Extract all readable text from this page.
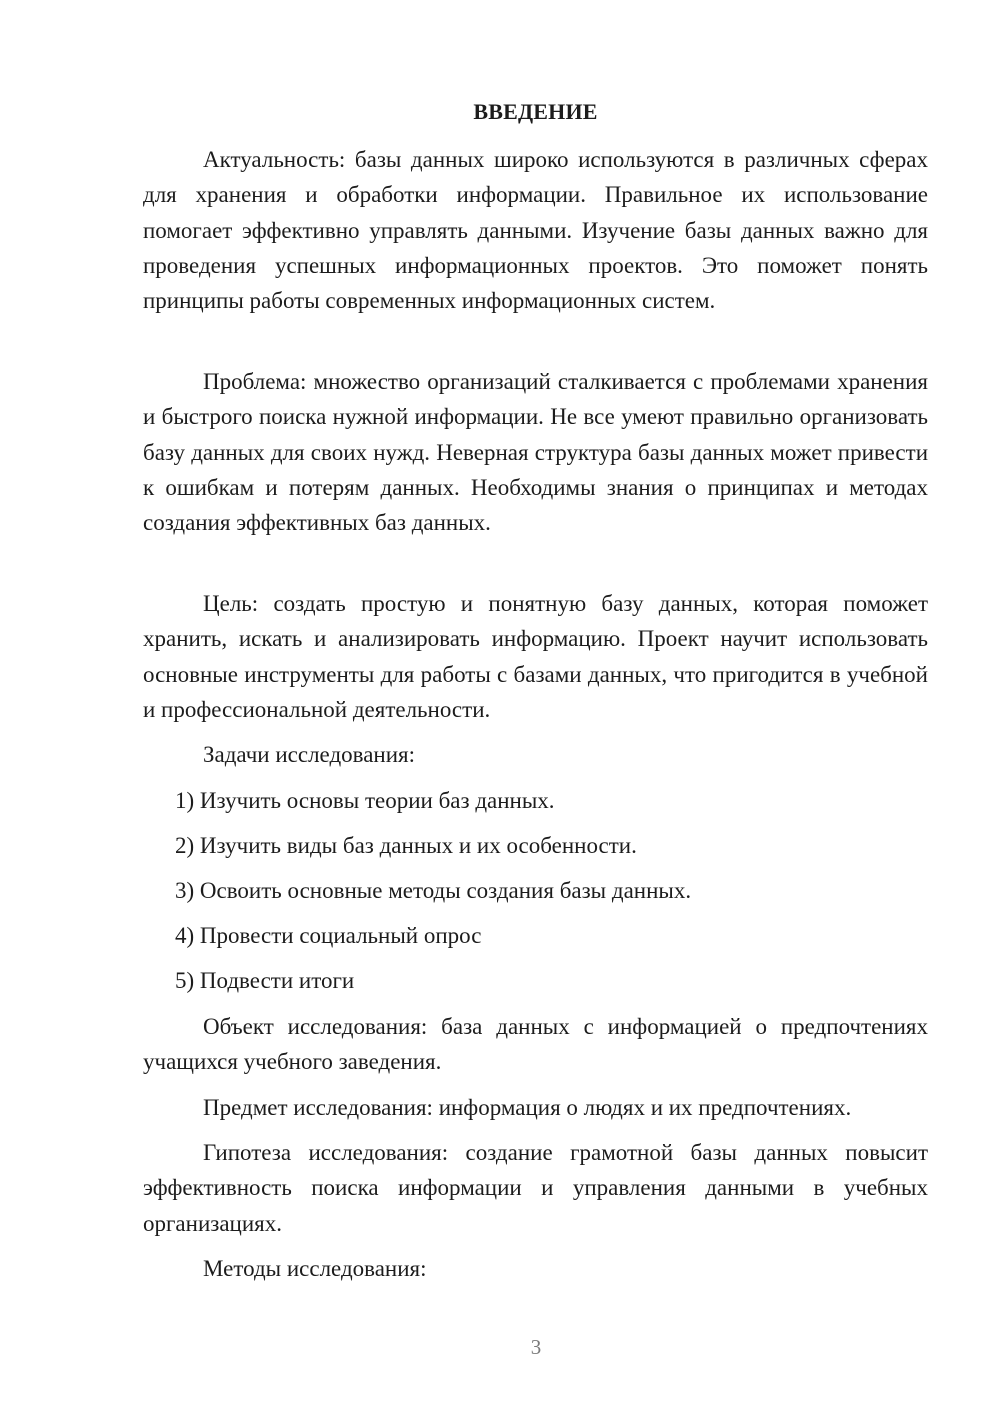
ВВЕДЕНИЕ

Актуальность: базы данных широко используются в различных сферах для хранения и обработки информации. Правильное их использование помогает эффективно управлять данными. Изучение базы данных важно для проведения успешных информационных проектов. Это поможет понять принципы работы современных информационных систем.

Проблема: множество организаций сталкивается с проблемами хранения и быстрого поиска нужной информации. Не все умеют правильно организовать базу данных для своих нужд. Неверная структура базы данных может привести к ошибкам и потерям данных. Необходимы знания о принципах и методах создания эффективных баз данных.

Цель: создать простую и понятную базу данных, которая поможет хранить, искать и анализировать информацию. Проект научит использовать основные инструменты для работы с базами данных, что пригодится в учебной и профессиональной деятельности.

Задачи исследования:

1) Изучить основы теории баз данных.

2) Изучить виды баз данных и их особенности.

3) Освоить основные методы создания базы данных.

4) Провести социальный опрос

5) Подвести итоги

Объект исследования: база данных с информацией о предпочтениях учащихся учебного заведения.

Предмет исследования: информация о людях и их предпочтениях.

Гипотеза исследования: создание грамотной базы данных повысит эффективность поиска информации и управления данными в учебных организациях.

Методы исследования:

3
